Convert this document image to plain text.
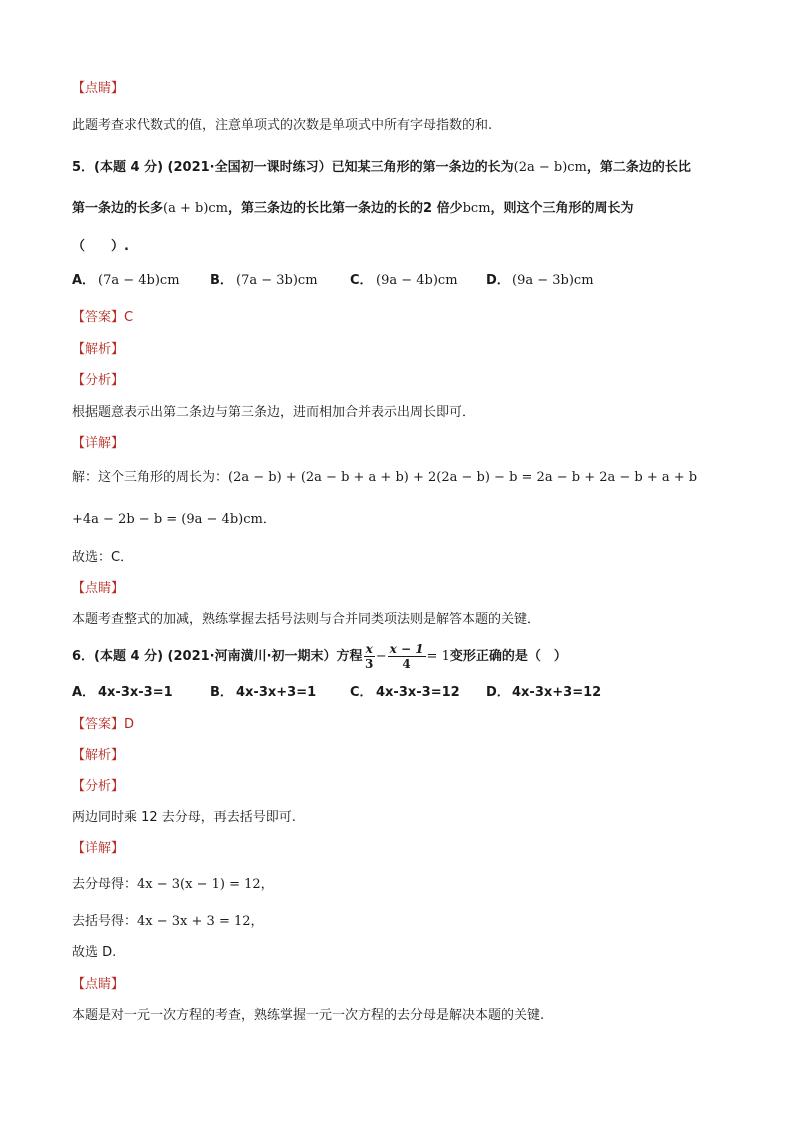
【点睛】
此题考查求代数式的值，注意单项式的次数是单项式中所有字母指数的和.
5．(本题 4 分) (2021·全国初一课时练习）已知某三角形的第一条边的长为(2a − b)cm，第二条边的长比
第一条边的长多(a + b)cm，第三条边的长比第一条边的长的2 倍少bcm，则这个三角形的周长为
（　　）.
A． (7a − 4b)cm B． (7a − 3b)cm C． (9a − 4b)cm D． (9a − 3b)cm
【答案】C
【解析】
【分析】
根据题意表示出第二条边与第三条边，进而相加合并表示出周长即可．
【详解】
解：这个三角形的周长为：(2a − b) + (2a − b + a + b) + 2(2a − b) − b = 2a − b + 2a − b + a + b
+4a − 2b − b = (9a − 4b)cm．
故选：C．
【点睛】
本题考查整式的加减，熟练掌握去括号法则与合并同类项法则是解答本题的关键．
6．(本题 4 分) (2021·河南潢川·初一期末）方程 $\frac{x}{3} - \frac{x - 1}{4} = 1$变形正确的是（　）
A． 4x-3x-3=1	B． 4x-3x+3=1	C． 4x-3x-3=12 D． 4x-3x+3=12
【答案】D
【解析】
【分析】
两边同时乘 12 去分母，再去括号即可.
【详解】
去分母得：4x − 3(x − 1) = 12，
去括号得：4x − 3x + 3 = 12，
故选 D.
【点睛】
本题是对一元一次方程的考查，熟练掌握一元一次方程的去分母是解决本题的关键.
